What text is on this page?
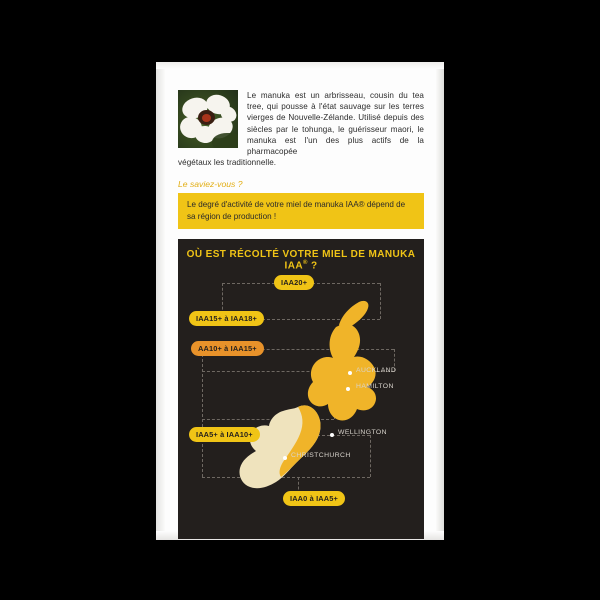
Le manuka est un arbrisseau, cousin du tea tree, qui pousse à l'état sauvage sur les terres vierges de Nouvelle-Zélande. Utilisé depuis des siècles par le tohunga, le guérisseur maori, le manuka est l'un des plus actifs de la pharmacopée
végétaux les traditionnelle.
Le saviez-vous ?
Le degré d'activité de votre miel de manuka IAA® dépend de sa région de production !
OÙ EST RÉCOLTÉ VOTRE MIEL DE MANUKA IAA® ?
AUCKLAND
HAMILTON
WELLINGTON
CHRISTCHURCH
IAA20+
IAA15+ à IAA18+
AA10+ à IAA15+
IAA5+ à IAA10+
IAA0 à IAA5+
